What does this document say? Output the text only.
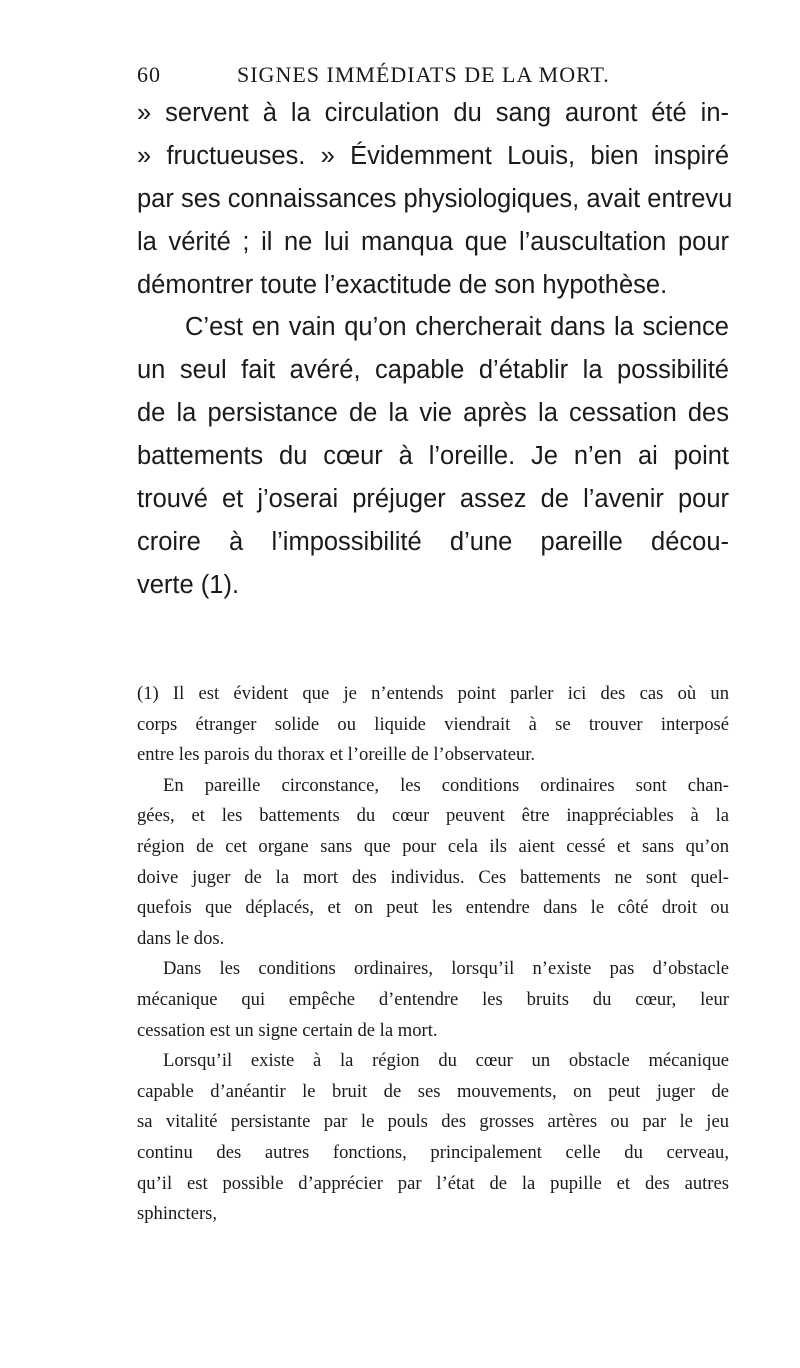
60	SIGNES IMMÉDIATS DE LA MORT.
» servent à la circulation du sang auront été in-
» fructueuses. » Évidemment Louis, bien inspiré
par ses connaissances physiologiques, avait entrevu
la vérité ; il ne lui manqua que l’auscultation pour
démontrer toute l’exactitude de son hypothèse.
C’est en vain qu’on chercherait dans la science
un seul fait avéré, capable d’établir la possibilité
de la persistance de la vie après la cessation des
battements du cœur à l’oreille. Je n’en ai point
trouvé et j’oserai préjuger assez de l’avenir pour
croire à l’impossibilité d’une pareille décou-
verte (1).
(1) Il est évident que je n’entends point parler ici des cas où un
corps étranger solide ou liquide viendrait à se trouver interposé
entre les parois du thorax et l’oreille de l’observateur.
En pareille circonstance, les conditions ordinaires sont chan-
gées, et les battements du cœur peuvent être inappréciables à la
région de cet organe sans que pour cela ils aient cessé et sans qu’on
doive juger de la mort des individus. Ces battements ne sont quel-
quefois que déplacés, et on peut les entendre dans le côté droit ou
dans le dos.
Dans les conditions ordinaires, lorsqu’il n’existe pas d’obstacle
mécanique qui empêche d’entendre les bruits du cœur, leur
cessation est un signe certain de la mort.
Lorsqu’il existe à la région du cœur un obstacle mécanique
capable d’anéantir le bruit de ses mouvements, on peut juger de
sa vitalité persistante par le pouls des grosses artères ou par le jeu
continu des autres fonctions, principalement celle du cerveau,
qu’il est possible d’apprécier par l’état de la pupille et des autres
sphincters,
